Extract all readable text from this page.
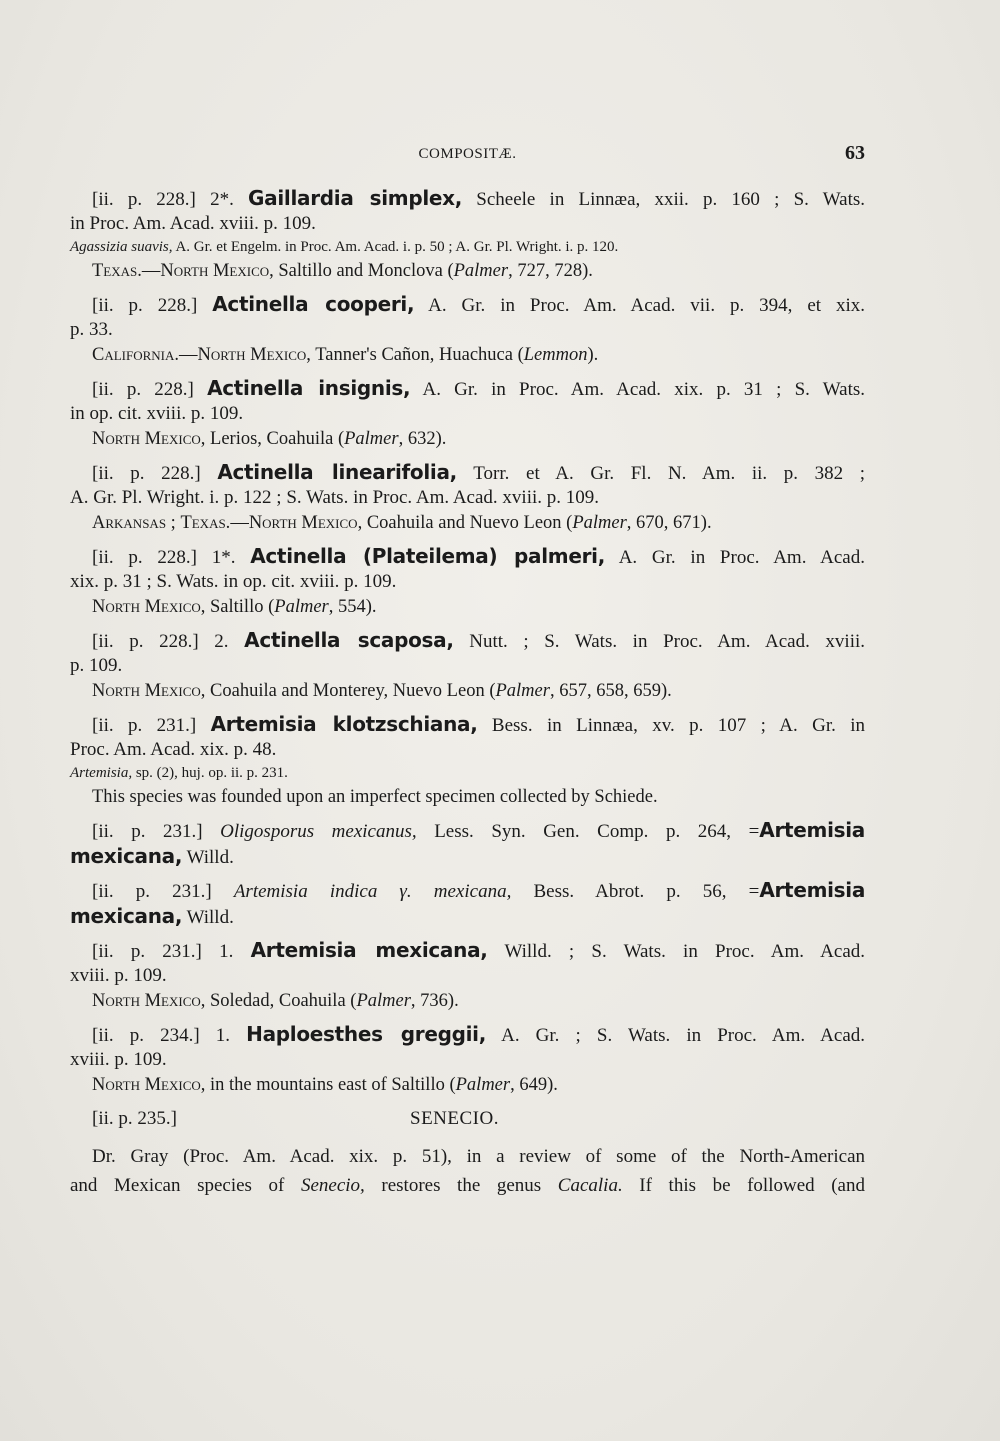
COMPOSITÆ.	63
[ii. p. 228.] 2*. Gaillardia simplex, Scheele in Linnæa, xxii. p. 160 ; S. Wats.
in Proc. Am. Acad. xviii. p. 109.
Agassizia suavis, A. Gr. et Engelm. in Proc. Am. Acad. i. p. 50 ; A. Gr. Pl. Wright. i. p. 120.
Texas.—North Mexico, Saltillo and Monclova (Palmer, 727, 728).
[ii. p. 228.] Actinella cooperi, A. Gr. in Proc. Am. Acad. vii. p. 394, et xix.
p. 33.
California.—North Mexico, Tanner's Cañon, Huachuca (Lemmon).
[ii. p. 228.] Actinella insignis, A. Gr. in Proc. Am. Acad. xix. p. 31 ; S. Wats.
in op. cit. xviii. p. 109.
North Mexico, Lerios, Coahuila (Palmer, 632).
[ii. p. 228.] Actinella linearifolia, Torr. et A. Gr. Fl. N. Am. ii. p. 382 ;
A. Gr. Pl. Wright. i. p. 122 ; S. Wats. in Proc. Am. Acad. xviii. p. 109.
Arkansas ; Texas.—North Mexico, Coahuila and Nuevo Leon (Palmer, 670, 671).
[ii. p. 228.] 1*. Actinella (Plateilema) palmeri, A. Gr. in Proc. Am. Acad.
xix. p. 31 ; S. Wats. in op. cit. xviii. p. 109.
North Mexico, Saltillo (Palmer, 554).
[ii. p. 228.] 2. Actinella scaposa, Nutt. ; S. Wats. in Proc. Am. Acad. xviii.
p. 109.
North Mexico, Coahuila and Monterey, Nuevo Leon (Palmer, 657, 658, 659).
[ii. p. 231.] Artemisia klotzschiana, Bess. in Linnæa, xv. p. 107 ; A. Gr. in
Proc. Am. Acad. xix. p. 48.
Artemisia, sp. (2), huj. op. ii. p. 231.
This species was founded upon an imperfect specimen collected by Schiede.
[ii. p. 231.] Oligosporus mexicanus, Less. Syn. Gen. Comp. p. 264, =Artemisia
mexicana, Willd.
[ii. p. 231.] Artemisia indica γ. mexicana, Bess. Abrot. p. 56, =Artemisia
mexicana, Willd.
[ii. p. 231.] 1. Artemisia mexicana, Willd. ; S. Wats. in Proc. Am. Acad.
xviii. p. 109.
North Mexico, Soledad, Coahuila (Palmer, 736).
[ii. p. 234.] 1. Haploesthes greggii, A. Gr. ; S. Wats. in Proc. Am. Acad.
xviii. p. 109.
North Mexico, in the mountains east of Saltillo (Palmer, 649).
[ii. p. 235.]	SENECIO.
Dr. Gray (Proc. Am. Acad. xix. p. 51), in a review of some of the North-American
and Mexican species of Senecio, restores the genus Cacalia. If this be followed (and
